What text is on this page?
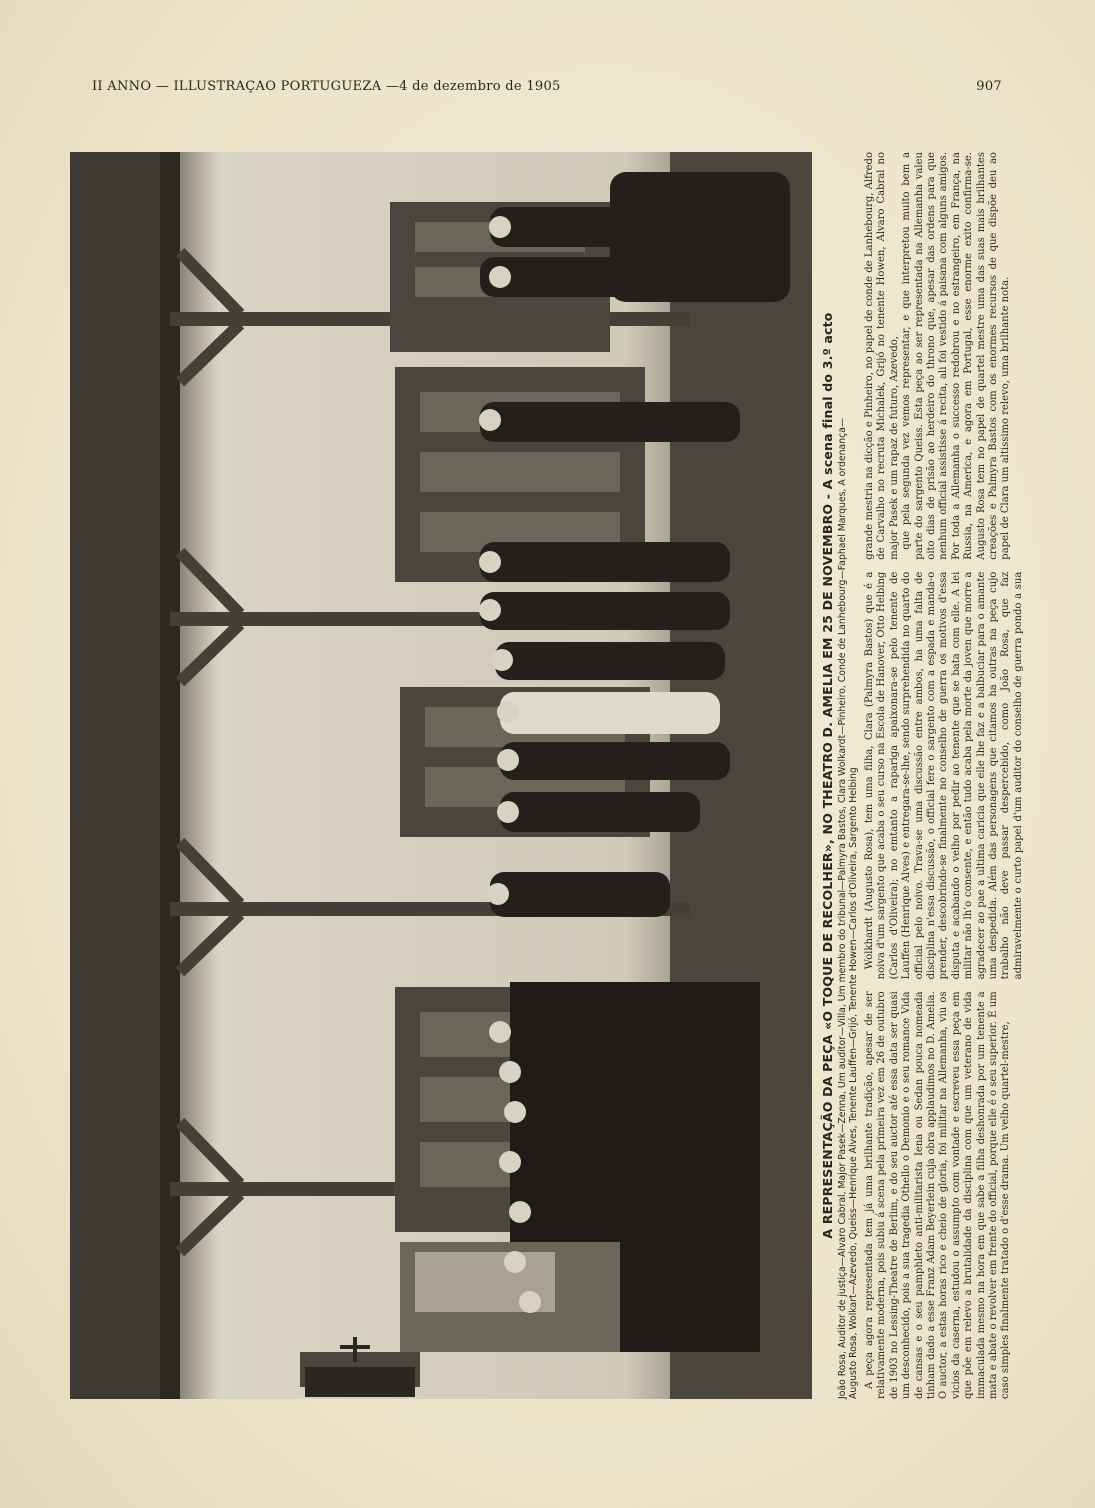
II ANNO — ILLUSTRAÇAO PORTUGUEZA —4 de dezembro de 1905	907
A REPRESENTAÇÃO DA PEÇA «O TOQUE DE RECOLHER», NO THEATRO D. AMELIA EM 25 DE NOVEMBRO - A scena final do 3.º acto João Rosa, Auditor de justiça—Alvaro Cabral, Major Pasek—Zenna, Um auditor—Villa, Um membro do tribunal—Palmyra Bastos, Clara Wolkardt—Pinheiro, Conde de Lanhebourg—Faphael Marques, A ordenança— Augusto Rosa, Wolkart—Azevedo, Queiss—Henrique Alves, Tenente Lauffen—Grijó, Tenente Howen—Carlos d'Oliveira, Sargento Helbing A peça agora representada tem já uma brilhante tradição, apesar de ser relativamente moderna, pois subiu á scena pela primeira vez em 26 de outubro de 1903 no Lessing-Theatre de Berlim, e do seu auctor até essa data ser quasi um desconhecido, pois a sua tragedia Othello o Demonio e o seu romance Vida de cansas e o seu pamphleto anti-militarista Iena ou Sedan pouca nomeada tinham dado a esse Franz Adam Beyerlein cuja obra applaudimos no D. Amelia. O auctor, a estas horas rico e cheio de gloria, foi militar na Allemanha, viu os vicios da caserna, estudou o assumpto com vontade e escreveu essa peça em que pôe em relevo a brutalidade da disciplina com que um veterano de vida immaculada mesmo na hora em que sabe a filha deshonrada por um tenente a mata e abate o revolver em frente do official, porque elle é o seu superior. É um caso simples finalmente tratado o d'esse drama. Um velho quartel-mestre,

Wolkhardt (Augusto Rosa), tem uma filha, Clara (Palmyra Bastos) que é a noiva d'um sargento que acaba o seu curso na Escola de Hanover, Otto Helbing (Carlos d'Oliveira); no emtanto a rapariga apaixonara-se pelo tenente de Lauffen (Henrique Alves) e entregara-se-lhe, sendo surprehendida no quarto do official pelo noivo. Trava-se uma discussão entre ambos, ha uma falta de disciplina n'essa discussão, o official fere o sargento com a espada e manda-o prender, descobrindo-se finalmente no conselho de guerra os motivos d'essa disputa e acabando o velho por pedir ao tenente que se bata com elle. A lei militar não lh'o consente, e então tudo acaba pela morte da joven que morre a agradecer ao pae a ultima caricia que elle lhe faz e a balbuciar para o amante uma despedida. Além das personagens que citamos ha outras na peça cujo trabalho não deve passar despercebido, como João Rosa, que faz admiravelmente o curto papel d'um auditor do conselho de guerra pondo a sua grande mestria na dicção e Pinheiro, no papel de conde de Lanhebourg, Alfredo de Carvalho no recruta Michalek, Grijó no tenente Howen, Alvaro Cabral no major Pasek e um rapaz de futuro, Azevedo, que pela segunda vez vemos representar, e que interpretou muito bem a parte do sargento Queiss. Esta peça ao ser representada na Allemanha valeu oito dias de prisão ao herdeiro do throno que, apesar das ordens para que nenhum official assistisse á recita, ali foi vestido á paisana com alguns amigos. Por toda a Allemanha o successo redobrou e no estrangeiro, em França, na Russia, na America, e agora em Portugal, esse enorme exito confirma-se. Augusto Rosa tem no papel de quartel mestre uma das suas mais brilhantes creações e Palmyra Bastos com os enormes recursos de que dispõe deu ao papel de Clara um altissimo relevo, uma brilhante nota.
